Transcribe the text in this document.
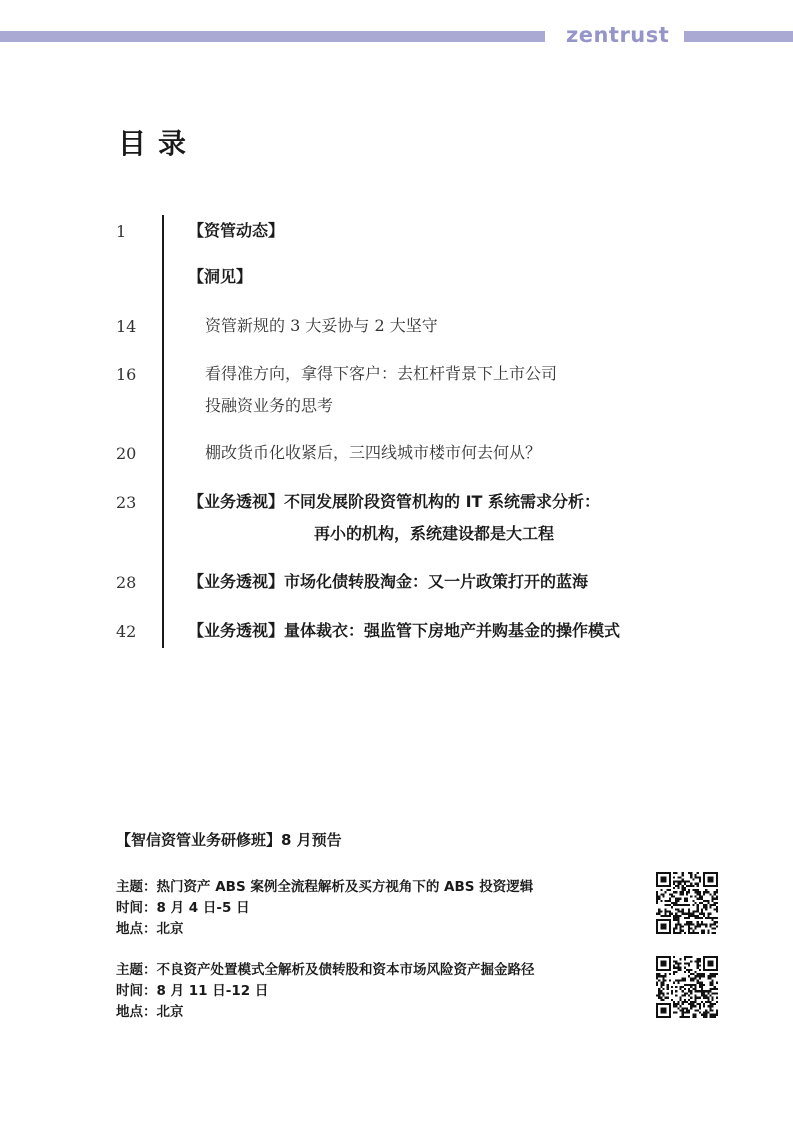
zentrust
目录
1	【资管动态】
【洞见】
14	资管新规的 3 大妥协与 2 大坚守
16	看得准方向，拿得下客户：去杠杆背景下上市公司
投融资业务的思考
20	棚改货币化收紧后，三四线城市楼市何去何从？
23	【业务透视】不同发展阶段资管机构的 IT 系统需求分析：
再小的机构，系统建设都是大工程
28	【业务透视】市场化债转股淘金：又一片政策打开的蓝海
42	【业务透视】量体裁衣：强监管下房地产并购基金的操作模式
【智信资管业务研修班】8 月预告
主题：热门资产 ABS 案例全流程解析及买方视角下的 ABS 投资逻辑
时间：8 月 4 日-5 日
地点：北京
主题：不良资产处置模式全解析及债转股和资本市场风险资产掘金路径
时间：8 月 11 日-12 日
地点：北京
